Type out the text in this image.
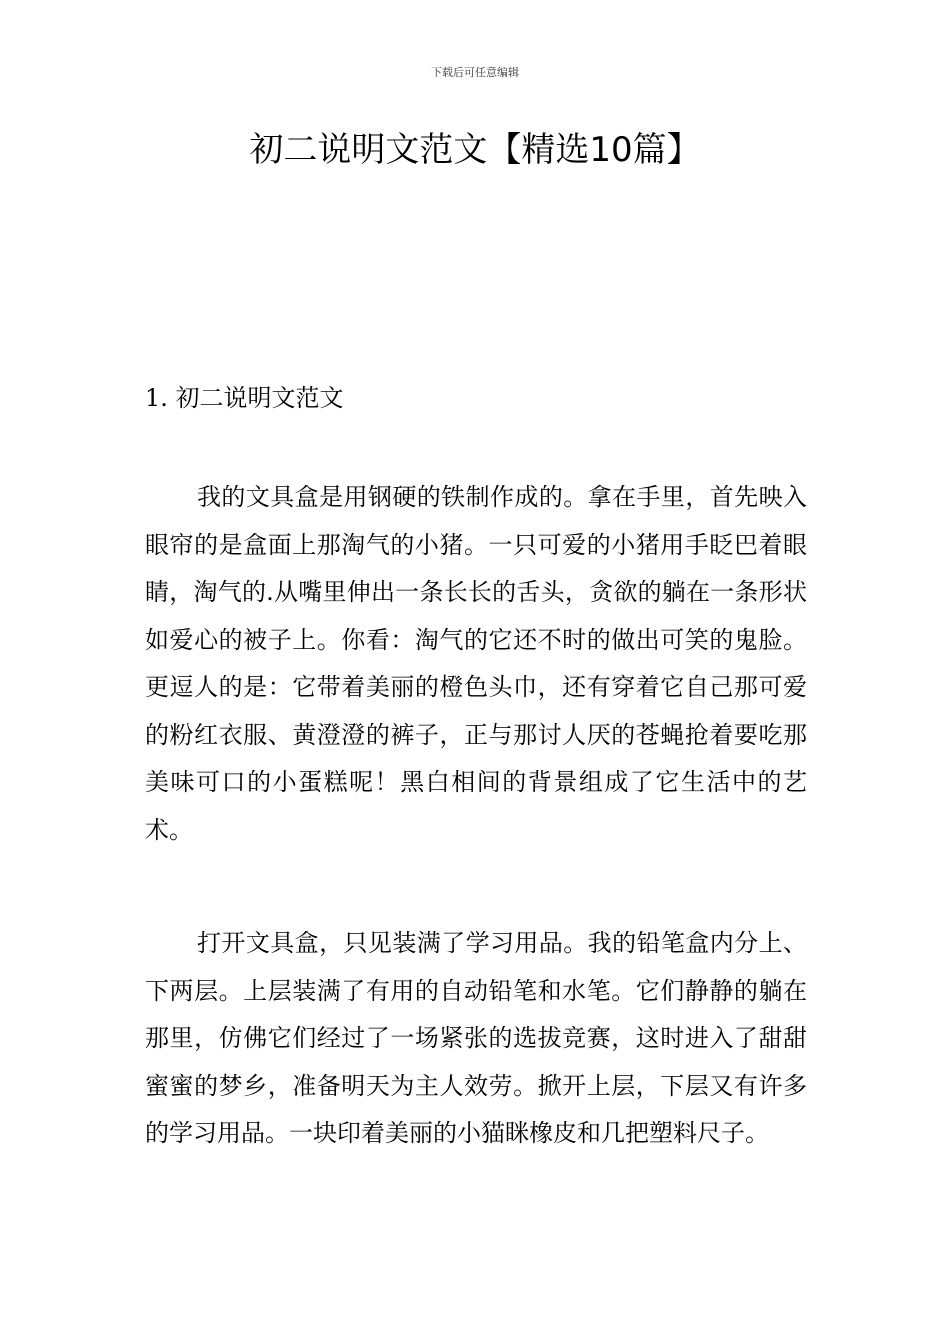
下载后可任意编辑
初二说明文范文【精选10篇】
1. 初二说明文范文

我的文具盒是用钢硬的铁制作成的。拿在手里，首先映入眼帘的是盒面上那淘气的小猪。一只可爱的小猪用手眨巴着眼睛，淘气的.从嘴里伸出一条长长的舌头，贪欲的躺在一条形状如爱心的被子上。你看：淘气的它还不时的做出可笑的鬼脸。更逗人的是：它带着美丽的橙色头巾，还有穿着它自己那可爱的粉红衣服、黄澄澄的裤子，正与那讨人厌的苍蝇抢着要吃那美味可口的小蛋糕呢！黑白相间的背景组成了它生活中的艺术。

打开文具盒，只见装满了学习用品。我的铅笔盒内分上、下两层。上层装满了有用的自动铅笔和水笔。它们静静的躺在那里，仿佛它们经过了一场紧张的选拔竞赛，这时进入了甜甜蜜蜜的梦乡，准备明天为主人效劳。掀开上层，下层又有许多的学习用品。一块印着美丽的小猫眯橡皮和几把塑料尺子。
